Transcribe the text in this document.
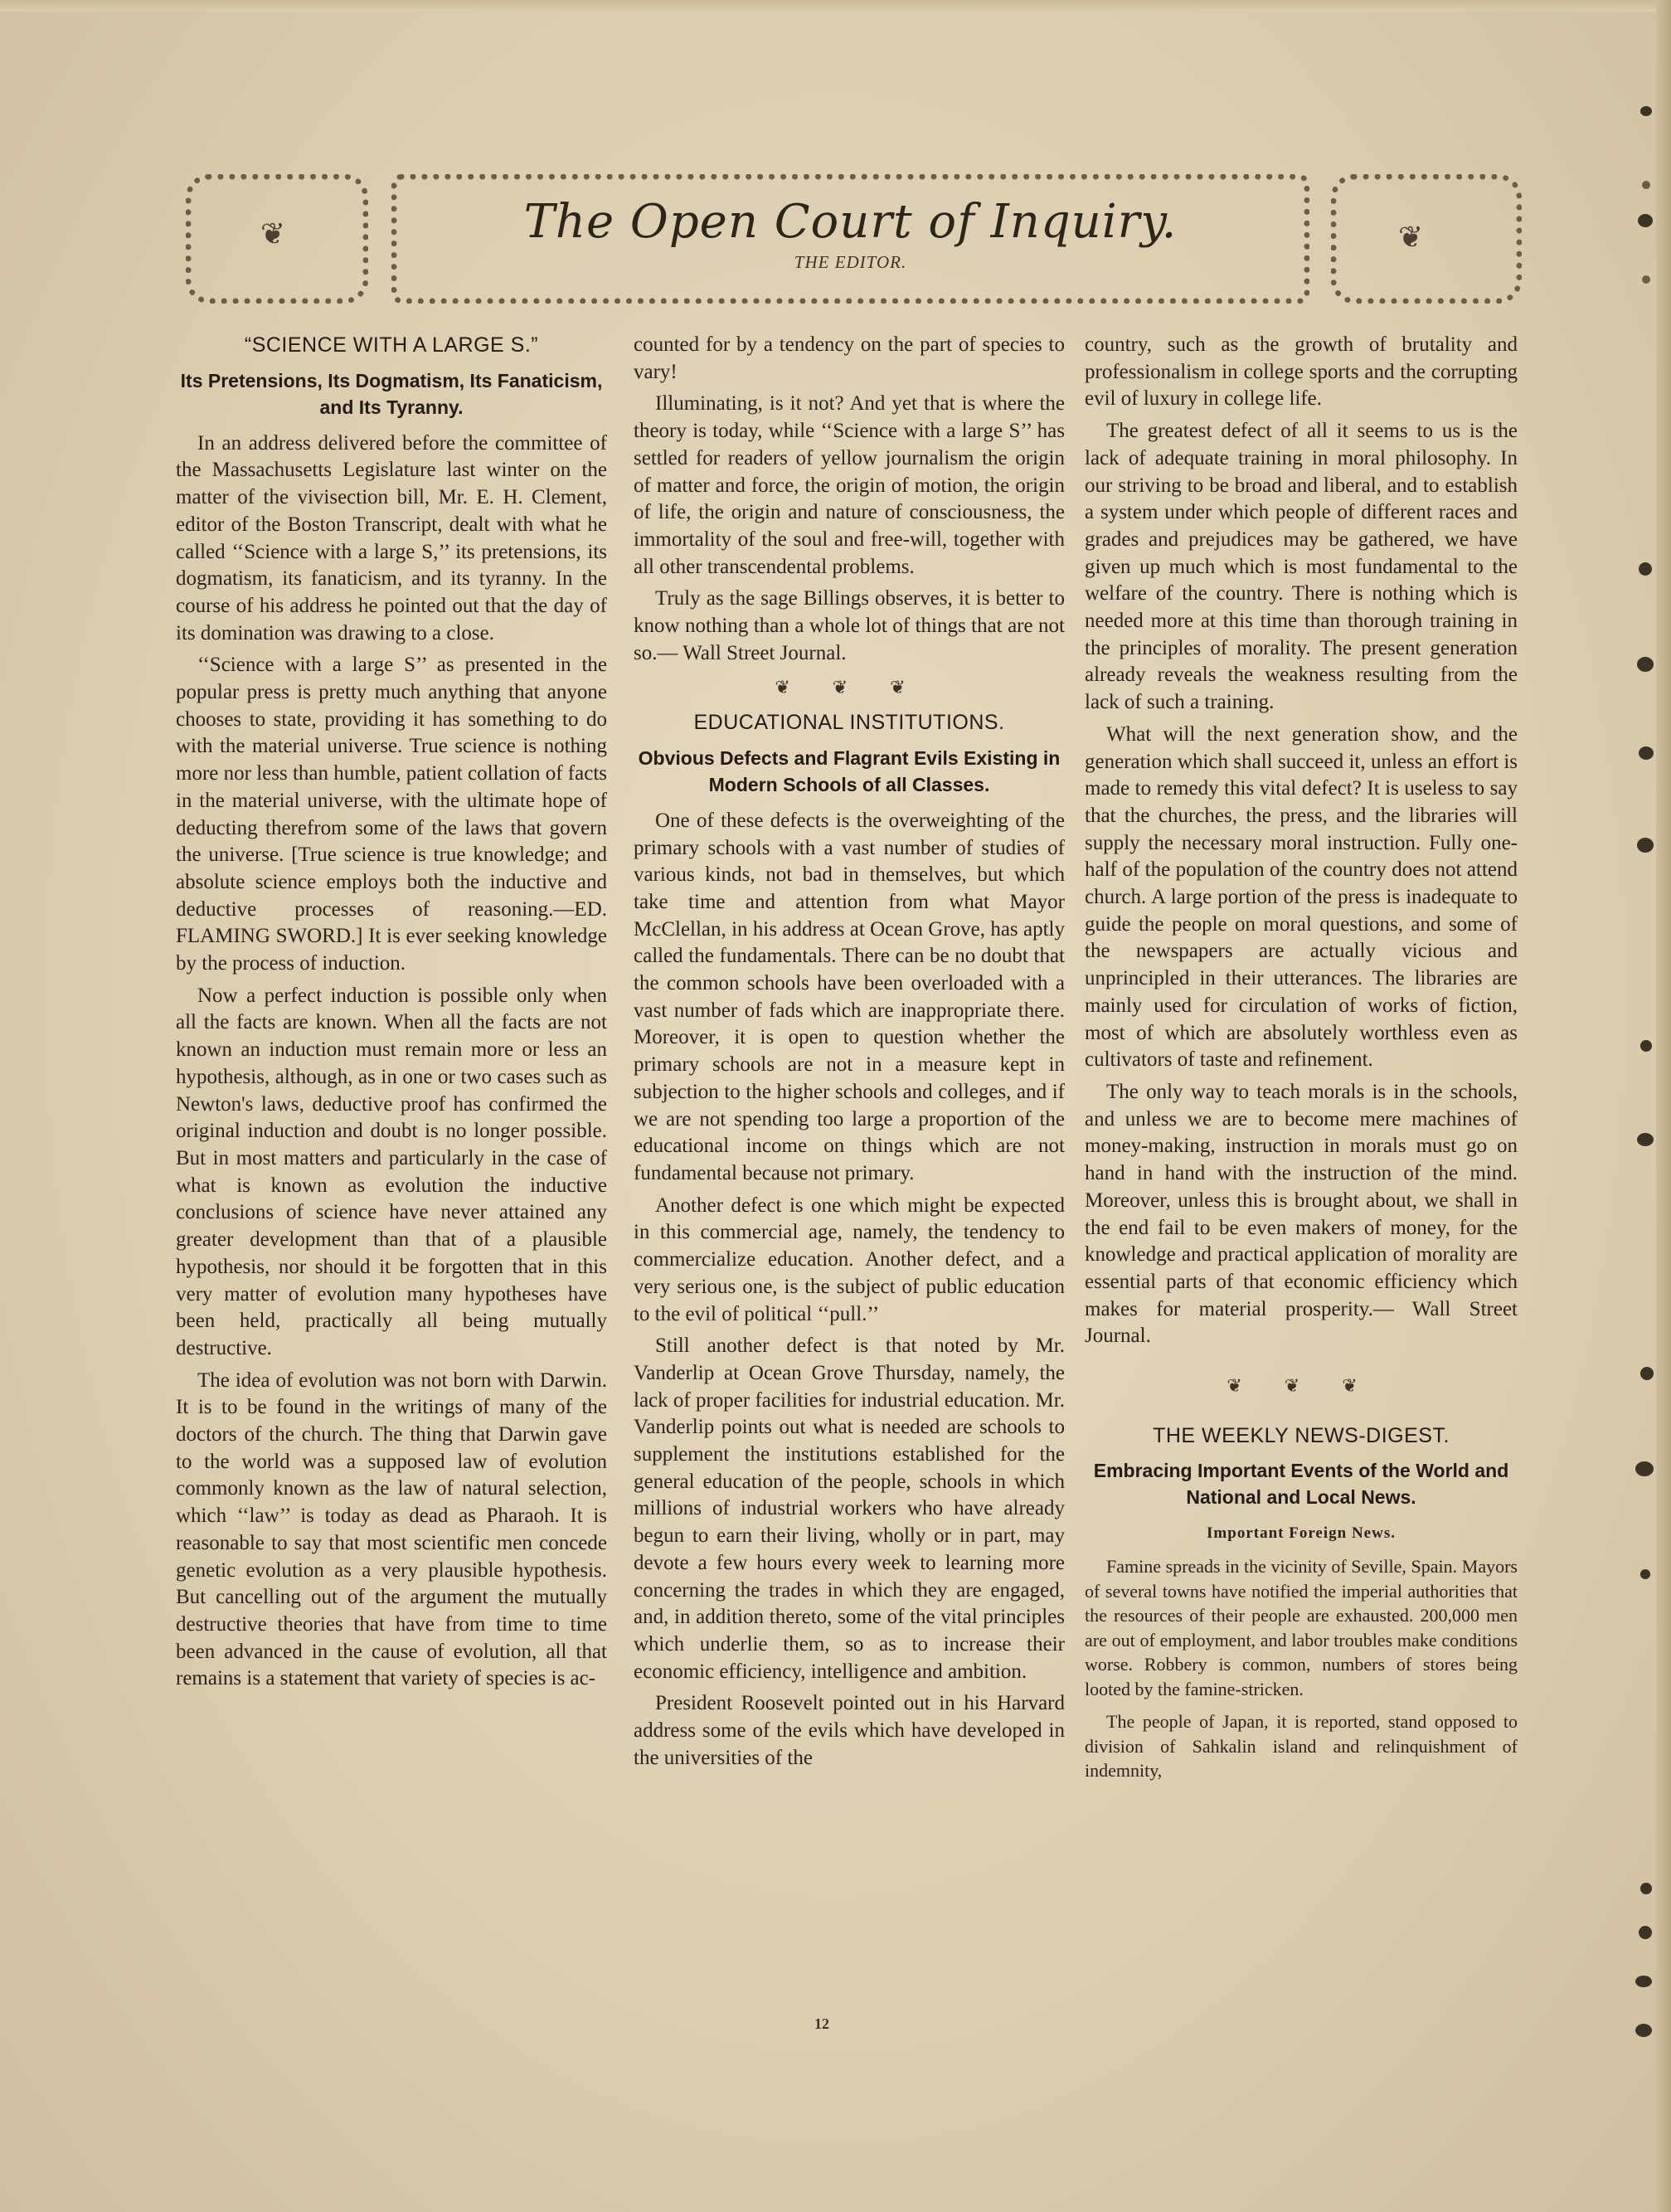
❦	❦
The Open Court of Inquiry.
THE EDITOR.
“SCIENCE WITH A LARGE S.”
Its Pretensions, Its Dogmatism, Its Fanaticism, and Its Tyranny.

In an address delivered before the committee of the Massachusetts Legislature last winter on the matter of the vivisection bill, Mr. E. H. Clement, editor of the Boston Transcript, dealt with what he called ‘‘Science with a large S,’’ its pretensions, its dogmatism, its fanaticism, and its tyranny. In the course of his address he pointed out that the day of its domination was drawing to a close.

‘‘Science with a large S’’ as presented in the popular press is pretty much anything that anyone chooses to state, providing it has something to do with the material universe. True science is nothing more nor less than humble, patient collation of facts in the material universe, with the ultimate hope of deducting therefrom some of the laws that govern the universe. [True science is true knowledge; and absolute science employs both the inductive and deductive processes of reasoning.—ED. FLAMING SWORD.] It is ever seeking knowledge by the process of induction.

Now a perfect induction is possible only when all the facts are known. When all the facts are not known an induction must remain more or less an hypothesis, although, as in one or two cases such as Newton's laws, deductive proof has confirmed the original induction and doubt is no longer possible. But in most matters and particularly in the case of what is known as evolution the inductive conclusions of science have never attained any greater development than that of a plausible hypothesis, nor should it be forgotten that in this very matter of evolution many hypotheses have been held, practically all being mutually destructive.

The idea of evolution was not born with Darwin. It is to be found in the writings of many of the doctors of the church. The thing that Darwin gave to the world was a supposed law of evolution commonly known as the law of natural selection, which ‘‘law’’ is today as dead as Pharaoh. It is reasonable to say that most scientific men concede genetic evolution as a very plausible hypothesis. But cancelling out of the argument the mutually destructive theories that have from time to time been advanced in the cause of evolution, all that remains is a statement that variety of species is ac-

counted for by a tendency on the part of species to vary!

Illuminating, is it not? And yet that is where the theory is today, while ‘‘Science with a large S’’ has settled for readers of yellow journalism the origin of matter and force, the origin of motion, the origin of life, the origin and nature of consciousness, the immortality of the soul and free-will, together with all other transcendental problems.

Truly as the sage Billings observes, it is better to know nothing than a whole lot of things that are not so.— Wall Street Journal.

❦ ❦ ❦
EDUCATIONAL INSTITUTIONS.
Obvious Defects and Flagrant Evils Existing in Modern Schools of all Classes.

One of these defects is the overweighting of the primary schools with a vast number of studies of various kinds, not bad in themselves, but which take time and attention from what Mayor McClellan, in his address at Ocean Grove, has aptly called the fundamentals. There can be no doubt that the common schools have been overloaded with a vast number of fads which are inappropriate there. Moreover, it is open to question whether the primary schools are not in a measure kept in subjection to the higher schools and colleges, and if we are not spending too large a proportion of the educational income on things which are not fundamental because not primary.

Another defect is one which might be expected in this commercial age, namely, the tendency to commercialize education. Another defect, and a very serious one, is the subject of public education to the evil of political ‘‘pull.’’

Still another defect is that noted by Mr. Vanderlip at Ocean Grove Thursday, namely, the lack of proper facilities for industrial education. Mr. Vanderlip points out what is needed are schools to supplement the institutions established for the general education of the people, schools in which millions of industrial workers who have already begun to earn their living, wholly or in part, may devote a few hours every week to learning more concerning the trades in which they are engaged, and, in addition thereto, some of the vital principles which underlie them, so as to increase their economic efficiency, intelligence and ambition.

President Roosevelt pointed out in his Harvard address some of the evils which have developed in the universities of the

country, such as the growth of brutality and professionalism in college sports and the corrupting evil of luxury in college life.

The greatest defect of all it seems to us is the lack of adequate training in moral philosophy. In our striving to be broad and liberal, and to establish a system under which people of different races and grades and prejudices may be gathered, we have given up much which is most fundamental to the welfare of the country. There is nothing which is needed more at this time than thorough training in the principles of morality. The present generation already reveals the weakness resulting from the lack of such a training.

What will the next generation show, and the generation which shall succeed it, unless an effort is made to remedy this vital defect? It is useless to say that the churches, the press, and the libraries will supply the necessary moral instruction. Fully one-half of the population of the country does not attend church. A large portion of the press is inadequate to guide the people on moral questions, and some of the newspapers are actually vicious and unprincipled in their utterances. The libraries are mainly used for circulation of works of fiction, most of which are absolutely worthless even as cultivators of taste and refinement.

The only way to teach morals is in the schools, and unless we are to become mere machines of money-making, instruction in morals must go on hand in hand with the instruction of the mind. Moreover, unless this is brought about, we shall in the end fail to be even makers of money, for the knowledge and practical application of morality are essential parts of that economic efficiency which makes for material prosperity.— Wall Street Journal.

❦ ❦ ❦
THE WEEKLY NEWS-DIGEST.
Embracing Important Events of the World and National and Local News.
Important Foreign News.

Famine spreads in the vicinity of Seville, Spain. Mayors of several towns have notified the imperial authorities that the resources of their people are exhausted. 200,000 men are out of employment, and labor troubles make conditions worse. Robbery is common, numbers of stores being looted by the famine-stricken.

The people of Japan, it is reported, stand opposed to division of Sahkalin island and relinquishment of indemnity,

12
